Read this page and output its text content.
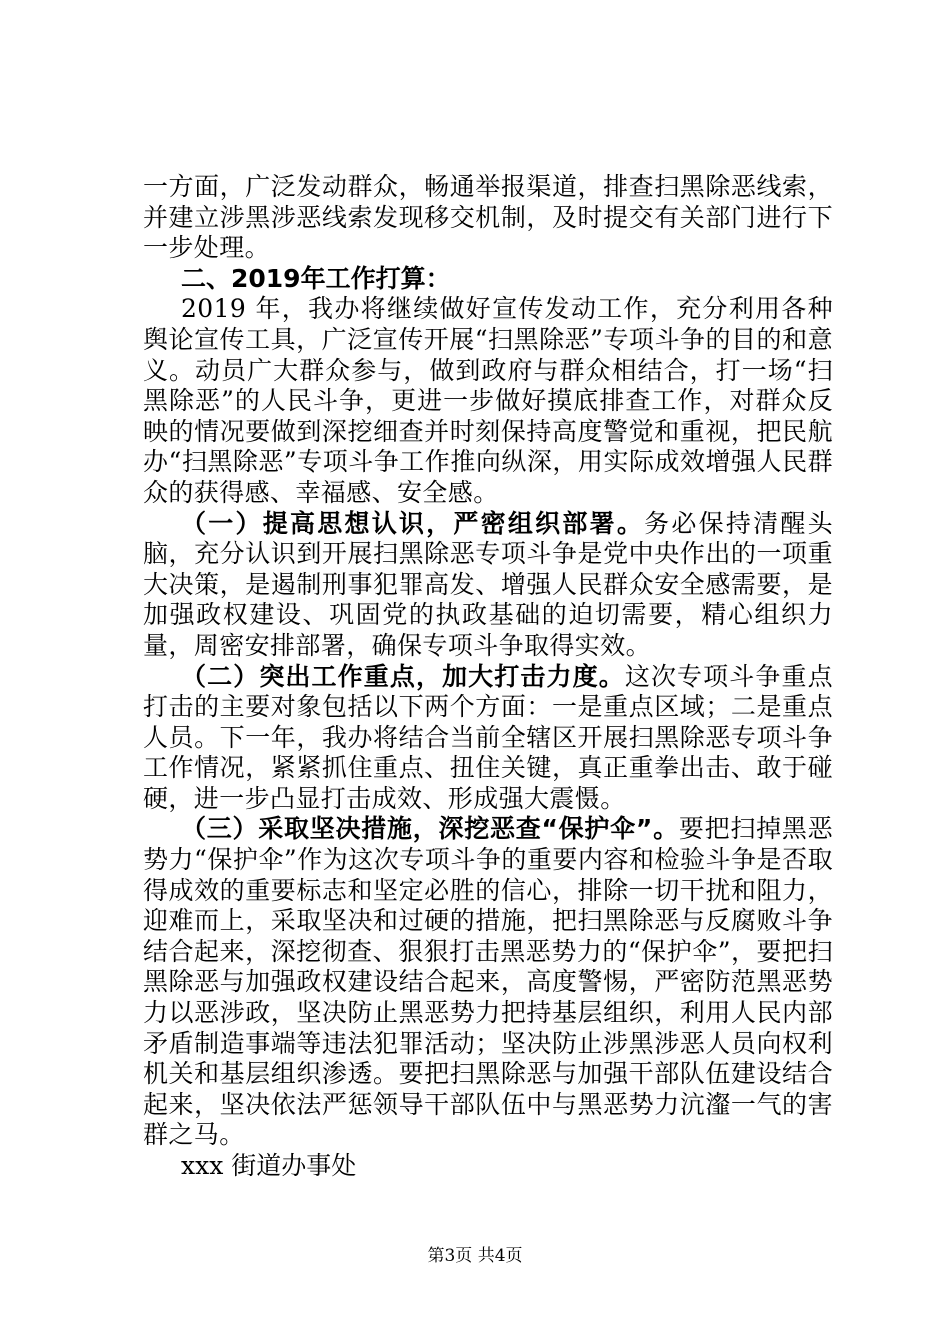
一方面，广泛发动群众，畅通举报渠道，排查扫黑除恶线索，并建立涉黑涉恶线索发现移交机制，及时提交有关部门进行下一步处理。

二、2019年工作打算：

2019 年，我办将继续做好宣传发动工作，充分利用各种舆论宣传工具，广泛宣传开展“扫黑除恶”专项斗争的目的和意义。动员广大群众参与，做到政府与群众相结合，打一场“扫黑除恶”的人民斗争，更进一步做好摸底排查工作，对群众反映的情况要做到深挖细查并时刻保持高度警觉和重视，把民航办“扫黑除恶”专项斗争工作推向纵深，用实际成效增强人民群众的获得感、幸福感、安全感。

（一）提高思想认识，严密组织部署。务必保持清醒头脑，充分认识到开展扫黑除恶专项斗争是党中央作出的一项重大决策，是遏制刑事犯罪高发、增强人民群众安全感需要，是加强政权建设、巩固党的执政基础的迫切需要，精心组织力量，周密安排部署，确保专项斗争取得实效。

（二）突出工作重点，加大打击力度。这次专项斗争重点打击的主要对象包括以下两个方面：一是重点区域；二是重点人员。下一年，我办将结合当前全辖区开展扫黑除恶专项斗争工作情况，紧紧抓住重点、扭住关键，真正重拳出击、敢于碰硬，进一步凸显打击成效、形成强大震慑。

（三）采取坚决措施，深挖恶查“保护伞”。要把扫掉黑恶势力“保护伞”作为这次专项斗争的重要内容和检验斗争是否取得成效的重要标志和坚定必胜的信心，排除一切干扰和阻力，迎难而上，采取坚决和过硬的措施，把扫黑除恶与反腐败斗争结合起来，深挖彻查、狠狠打击黑恶势力的“保护伞”，要把扫黑除恶与加强政权建设结合起来，高度警惕，严密防范黑恶势力以恶涉政，坚决防止黑恶势力把持基层组织，利用人民内部矛盾制造事端等违法犯罪活动；坚决防止涉黑涉恶人员向权利机关和基层组织渗透。要把扫黑除恶与加强干部队伍建设结合起来，坚决依法严惩领导干部队伍中与黑恶势力沆瀣一气的害群之马。

xxx 街道办事处

第3页 共4页
